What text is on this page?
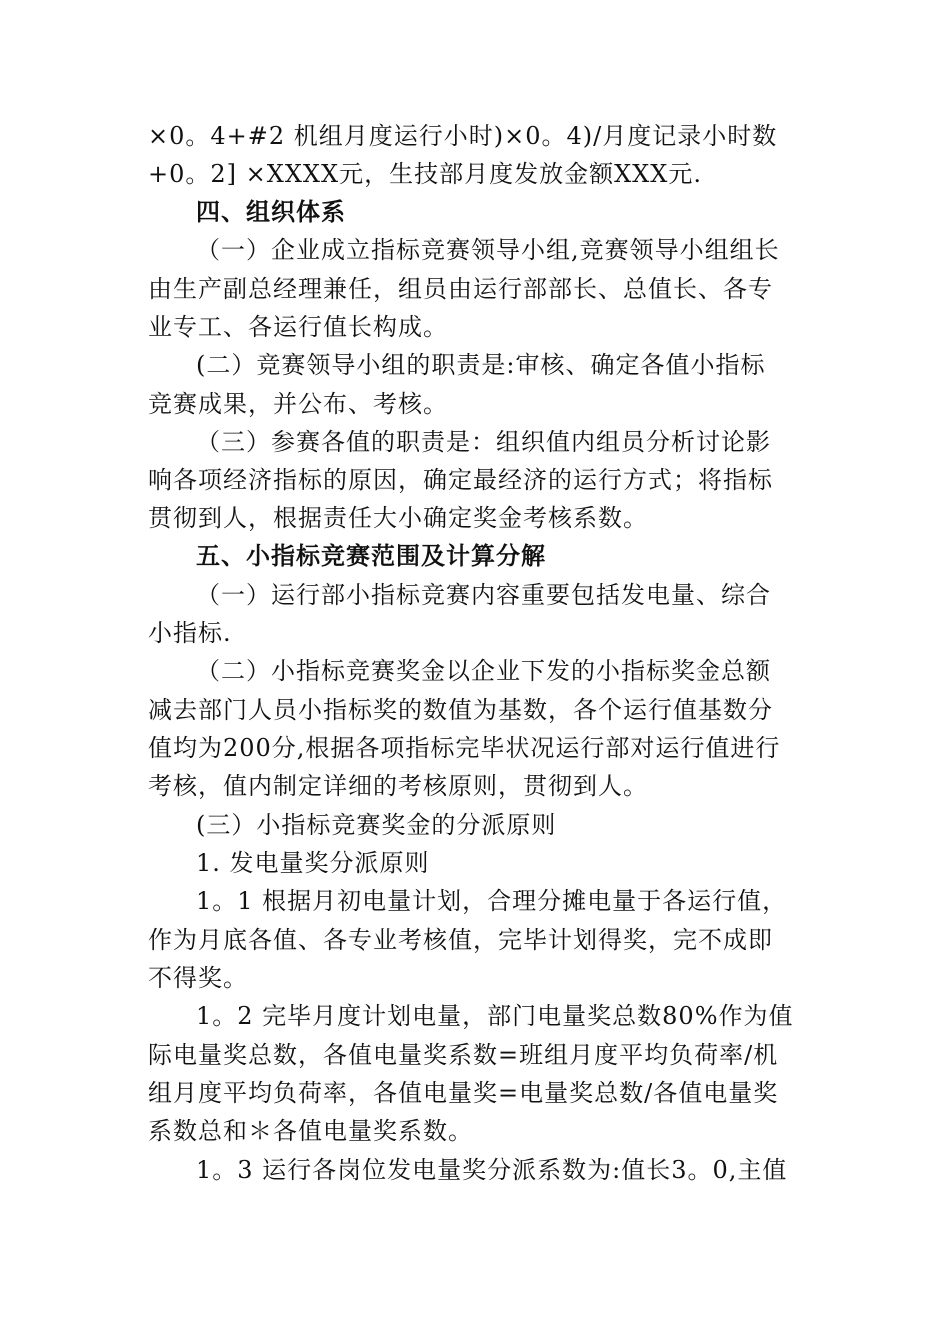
×0。4+#2 机组月度运行小时)×0。4)/月度记录小时数
+0。2] ×XXXX元，生技部月度发放金额XXX元.
四、组织体系
（一）企业成立指标竞赛领导小组,竞赛领导小组组长
由生产副总经理兼任，组员由运行部部长、总值长、各专
业专工、各运行值长构成。
(二）竞赛领导小组的职责是:审核、确定各值小指标
竞赛成果，并公布、考核。
（三）参赛各值的职责是：组织值内组员分析讨论影
响各项经济指标的原因，确定最经济的运行方式；将指标
贯彻到人，根据责任大小确定奖金考核系数。
五、小指标竞赛范围及计算分解
（一）运行部小指标竞赛内容重要包括发电量、综合
小指标.
（二）小指标竞赛奖金以企业下发的小指标奖金总额
减去部门人员小指标奖的数值为基数，各个运行值基数分
值均为200分,根据各项指标完毕状况运行部对运行值进行
考核，值内制定详细的考核原则，贯彻到人。
(三）小指标竞赛奖金的分派原则
1. 发电量奖分派原则
1。1 根据月初电量计划，合理分摊电量于各运行值，
作为月底各值、各专业考核值，完毕计划得奖，完不成即
不得奖。
1。2 完毕月度计划电量，部门电量奖总数80%作为值
际电量奖总数，各值电量奖系数=班组月度平均负荷率/机
组月度平均负荷率，各值电量奖=电量奖总数/各值电量奖
系数总和＊各值电量奖系数。
1。3 运行各岗位发电量奖分派系数为:值长3。0,主值
